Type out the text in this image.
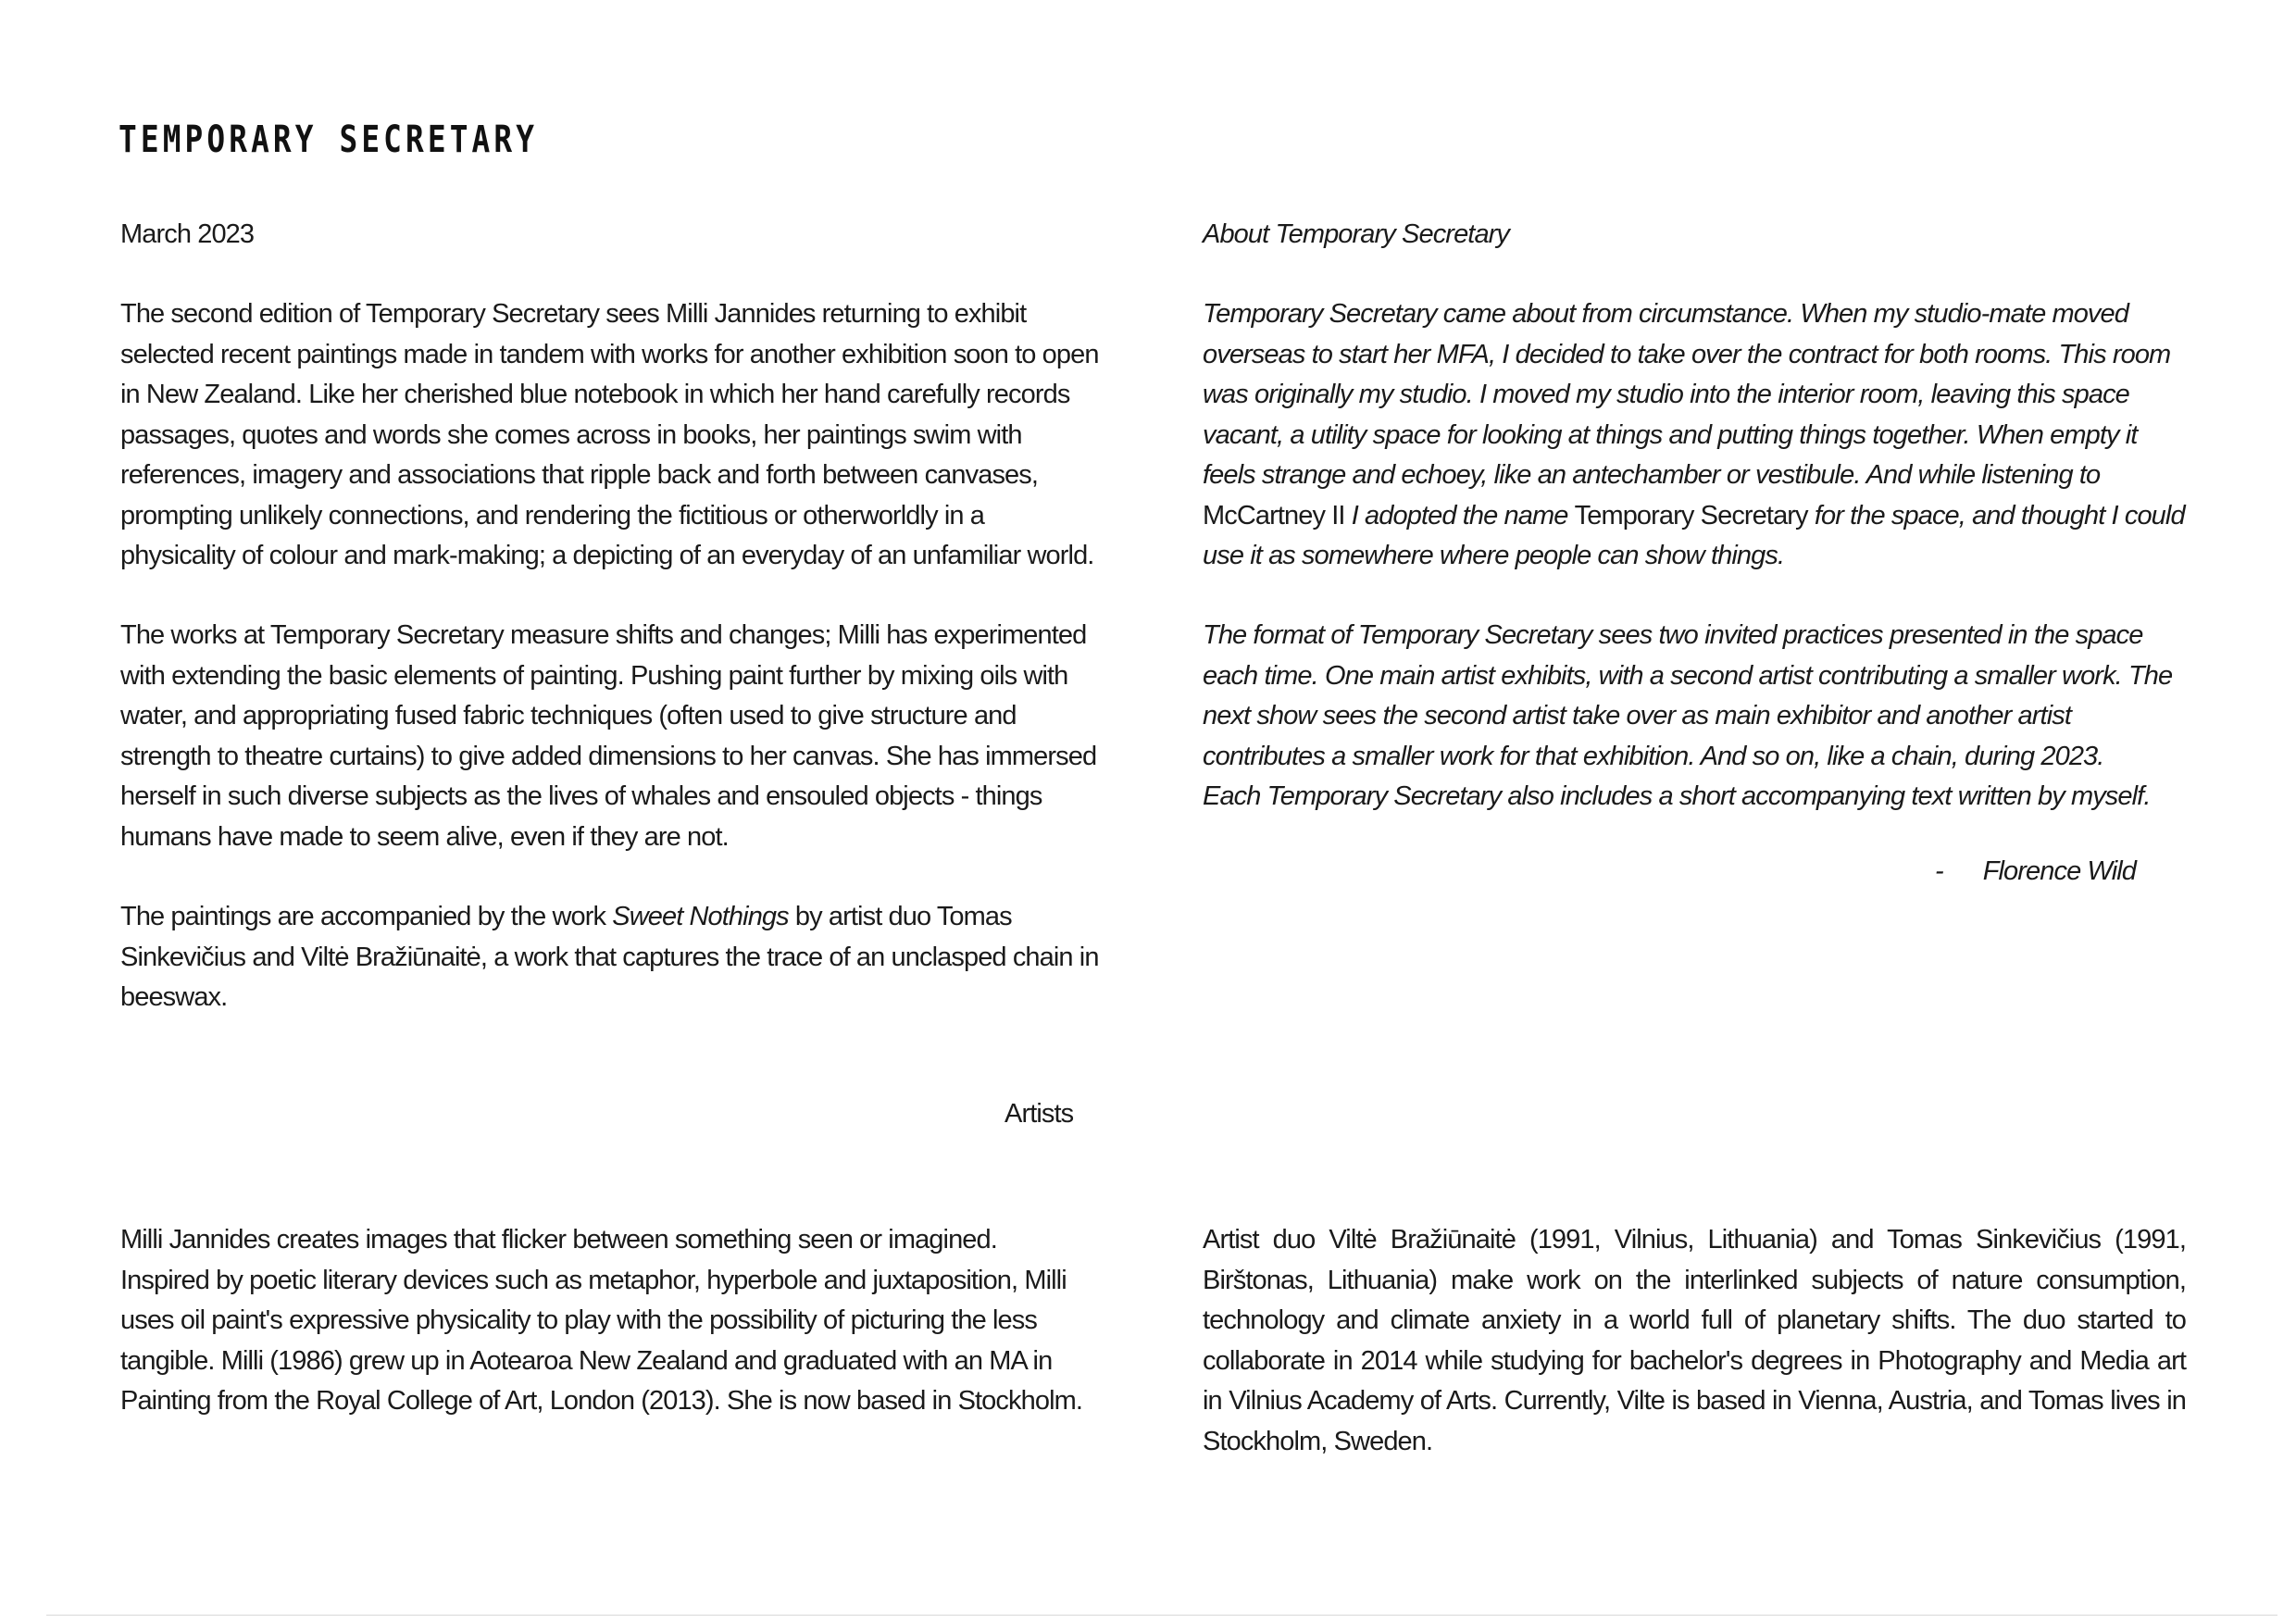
TEMPORARY SECRETARY
March 2023

The second edition of Temporary Secretary sees Milli Jannides returning to exhibit

selected recent paintings made in tandem with works for another exhibition soon to open

in New Zealand. Like her cherished blue notebook in which her hand carefully records

passages, quotes and words she comes across in books, her paintings swim with

references, imagery and associations that ripple back and forth between canvases,

prompting unlikely connections, and rendering the fictitious or otherworldly in a

physicality of colour and mark-making; a depicting of an everyday of an unfamiliar world.

The works at Temporary Secretary measure shifts and changes; Milli has experimented

with extending the basic elements of painting. Pushing paint further by mixing oils with

water, and appropriating fused fabric techniques (often used to give structure and

strength to theatre curtains) to give added dimensions to her canvas. She has immersed

herself in such diverse subjects as the lives of whales and ensouled objects - things

humans have made to seem alive, even if they are not.

The paintings are accompanied by the work Sweet Nothings by artist duo Tomas

Sinkevičius and Viltė Bražiūnaitė, a work that captures the trace of an unclasped chain in

beeswax.

About Temporary Secretary

Temporary Secretary came about from circumstance. When my studio-mate moved

overseas to start her MFA, I decided to take over the contract for both rooms. This room

was originally my studio. I moved my studio into the interior room, leaving this space

vacant, a utility space for looking at things and putting things together. When empty it

feels strange and echoey, like an antechamber or vestibule. And while listening to

McCartney II I adopted the name Temporary Secretary for the space, and thought I could

use it as somewhere where people can show things.

The format of Temporary Secretary sees two invited practices presented in the space

each time. One main artist exhibits, with a second artist contributing a smaller work. The

next show sees the second artist take over as main exhibitor and another artist

contributes a smaller work for that exhibition. And so on, like a chain, during 2023.

Each Temporary Secretary also includes a short accompanying text written by myself.

-      Florence Wild
Artists

Milli Jannides creates images that flicker between something seen or imagined.

Inspired by poetic literary devices such as metaphor, hyperbole and juxtaposition, Milli

uses oil paint's expressive physicality to play with the possibility of picturing the less

tangible. Milli (1986) grew up in Aotearoa New Zealand and graduated with an MA in

Painting from the Royal College of Art, London (2013). She is now based in Stockholm.

Artist duo Viltė Bražiūnaitė (1991, Vilnius, Lithuania) and Tomas Sinkevičius (1991, Birštonas, Lithuania) make work on the interlinked subjects of nature consumption, technology and climate anxiety in a world full of planetary shifts. The duo started to collaborate in 2014 while studying for bachelor's degrees in Photography and Media art in Vilnius Academy of Arts. Currently, Vilte is based in Vienna, Austria, and Tomas lives in Stockholm, Sweden.
